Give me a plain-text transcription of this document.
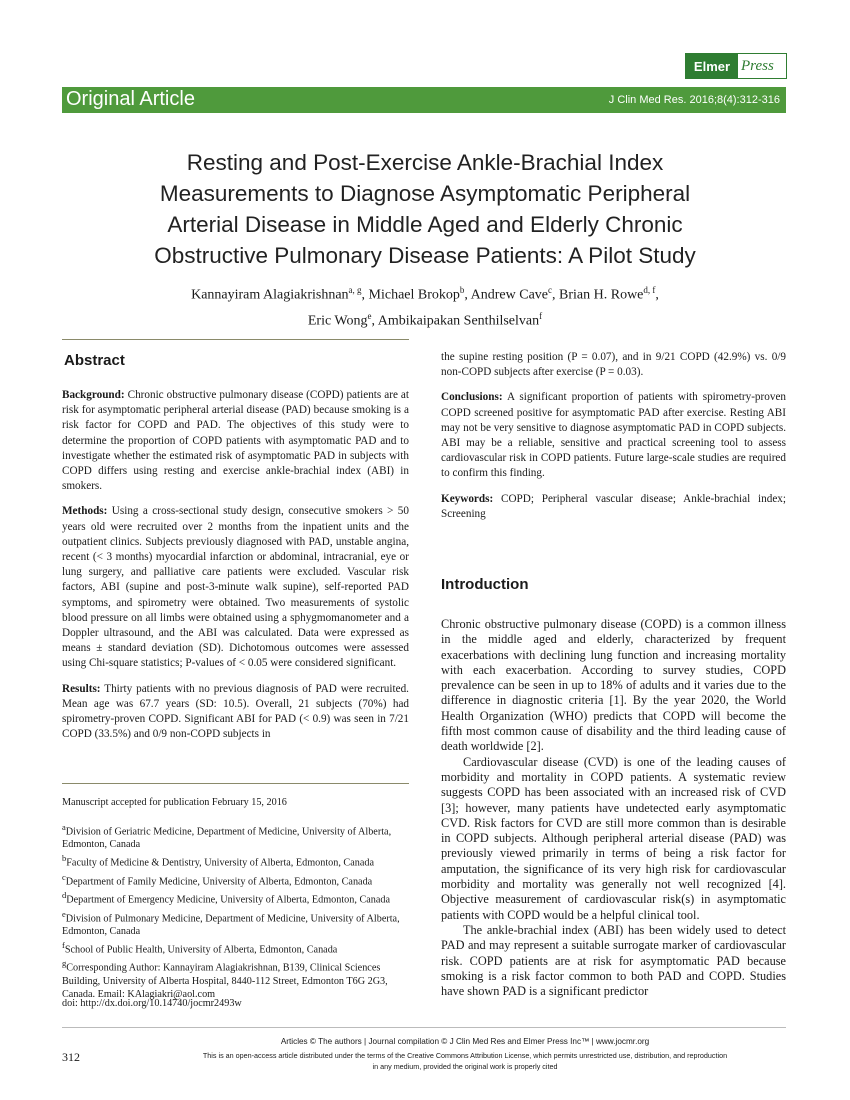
Elmer Press
Original Article	J Clin Med Res. 2016;8(4):312-316
Resting and Post-Exercise Ankle-Brachial Index
Measurements to Diagnose Asymptomatic Peripheral
Arterial Disease in Middle Aged and Elderly Chronic
Obstructive Pulmonary Disease Patients: A Pilot Study
Kannayiram Alagiakrishnan$^{a, g}$, Michael Brokop$^b$, Andrew Cave$^c$, Brian H. Rowe$^{d, f}$,
Eric Wong$^e$, Ambikaipakan Senthilselvan$^f$
Abstract

Background: Chronic obstructive pulmonary disease (COPD) patients are at risk for asymptomatic peripheral arterial disease (PAD) because smoking is a risk factor for COPD and PAD. The objectives of this study were to determine the proportion of COPD patients with asymptomatic PAD and to investigate whether the estimated risk of asymptomatic PAD in subjects with COPD differs using resting and exercise ankle-brachial index (ABI) in smokers.

Methods: Using a cross-sectional study design, consecutive smokers > 50 years old were recruited over 2 months from the inpatient units and the outpatient clinics. Subjects previously diagnosed with PAD, unstable angina, recent (< 3 months) myocardial infarction or abdominal, intracranial, eye or lung surgery, and palliative care patients were excluded. Vascular risk factors, ABI (supine and post-3-minute walk supine), self-reported PAD symptoms, and spirometry were obtained. Two measurements of systolic blood pressure on all limbs were obtained using a sphygmomanometer and a Doppler ultrasound, and the ABI was calculated. Data were expressed as means ± standard deviation (SD). Dichotomous outcomes were assessed using Chi-square statistics; P-values of < 0.05 were considered significant.

Results: Thirty patients with no previous diagnosis of PAD were recruited. Mean age was 67.7 years (SD: 10.5). Overall, 21 subjects (70%) had spirometry-proven COPD. Significant ABI for PAD (< 0.9) was seen in 7/21 COPD (33.5%) and 0/9 non-COPD subjects in

Manuscript accepted for publication February 15, 2016
$^a$Division of Geriatric Medicine, Department of Medicine, University of Alberta, Edmonton, Canada
$^b$Faculty of Medicine & Dentistry, University of Alberta, Edmonton, Canada
$^c$Department of Family Medicine, University of Alberta, Edmonton, Canada
$^d$Department of Emergency Medicine, University of Alberta, Edmonton, Canada
$^e$Division of Pulmonary Medicine, Department of Medicine, University of Alberta, Edmonton, Canada
$^f$School of Public Health, University of Alberta, Edmonton, Canada
$^g$Corresponding Author: Kannayiram Alagiakrishnan, B139, Clinical Sciences Building, University of Alberta Hospital, 8440-112 Street, Edmonton T6G 2G3, Canada. Email: KAlagiakri@aol.com
doi: http://dx.doi.org/10.14740/jocmr2493w

the supine resting position (P = 0.07), and in 9/21 COPD (42.9%) vs. 0/9 non-COPD subjects after exercise (P = 0.03).

Conclusions: A significant proportion of patients with spirometry-proven COPD screened positive for asymptomatic PAD after exercise. Resting ABI may not be very sensitive to diagnose asymptomatic PAD in COPD subjects. ABI may be a reliable, sensitive and practical screening tool to assess cardiovascular risk in COPD patients. Future large-scale studies are required to confirm this finding.

Keywords: COPD; Peripheral vascular disease; Ankle-brachial index; Screening

Introduction

Chronic obstructive pulmonary disease (COPD) is a common illness in the middle aged and elderly, characterized by frequent exacerbations with declining lung function and increasing mortality with each exacerbation. According to survey studies, COPD prevalence can be seen in up to 18% of adults and it varies due to the difference in diagnostic criteria [1]. By the year 2020, the World Health Organization (WHO) predicts that COPD will become the fifth most common cause of disability and the third leading cause of death worldwide [2].

Cardiovascular disease (CVD) is one of the leading causes of morbidity and mortality in COPD patients. A systematic review suggests COPD has been associated with an increased risk of CVD [3]; however, many patients have undetected early asymptomatic CVD. Risk factors for CVD are still more common than is desirable in COPD subjects. Although peripheral arterial disease (PAD) was previously viewed primarily in terms of being a risk factor for amputation, the significance of its very high risk for cardiovascular morbidity and mortality was generally not well recognized [4]. Objective measurement of cardiovascular risk(s) in asymptomatic patients with COPD would be a helpful clinical tool.

The ankle-brachial index (ABI) has been widely used to detect PAD and may represent a suitable surrogate marker of cardiovascular risk. COPD patients are at risk for asymptomatic PAD because smoking is a risk factor common to both PAD and COPD. Studies have shown PAD is a significant predictor

312
Articles © The authors | Journal compilation © J Clin Med Res and Elmer Press Inc™ | www.jocmr.org
This is an open-access article distributed under the terms of the Creative Commons Attribution License, which permits unrestricted use, distribution, and reproduction
in any medium, provided the original work is properly cited
